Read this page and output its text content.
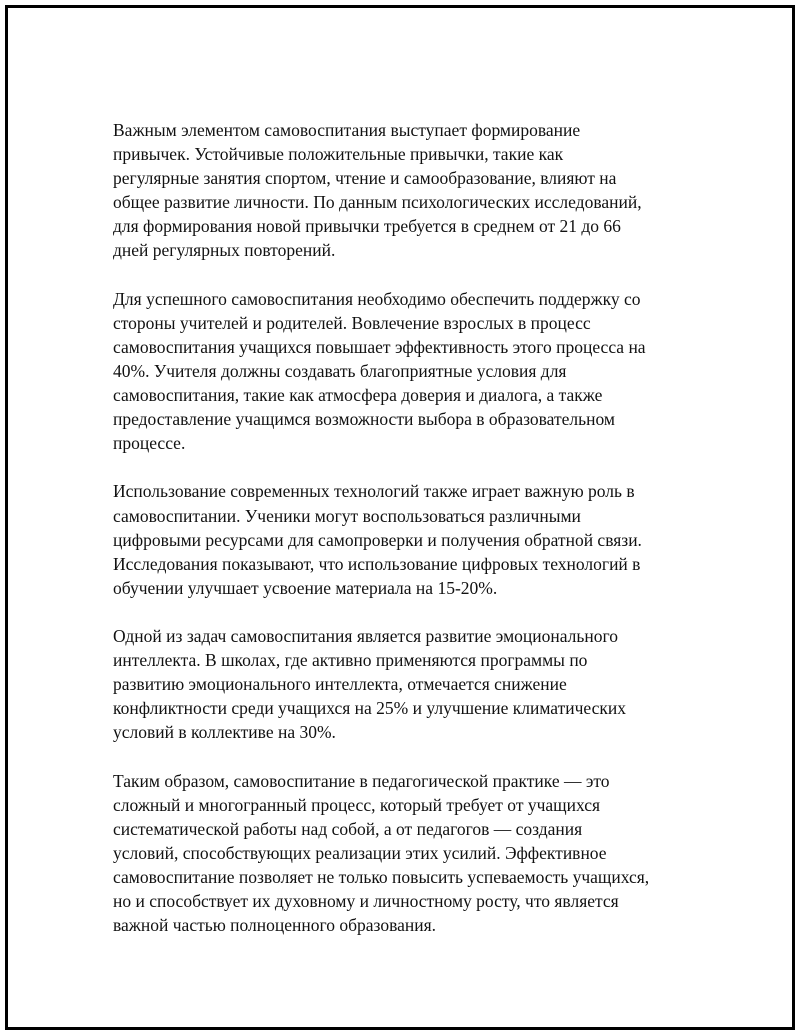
Важным элементом самовоспитания выступает формирование
привычек. Устойчивые положительные привычки, такие как
регулярные занятия спортом, чтение и самообразование, влияют на
общее развитие личности. По данным психологических исследований,
для формирования новой привычки требуется в среднем от 21 до 66
дней регулярных повторений.

Для успешного самовоспитания необходимо обеспечить поддержку со
стороны учителей и родителей. Вовлечение взрослых в процесс
самовоспитания учащихся повышает эффективность этого процесса на
40%. Учителя должны создавать благоприятные условия для
самовоспитания, такие как атмосфера доверия и диалога, а также
предоставление учащимся возможности выбора в образовательном
процессе.

Использование современных технологий также играет важную роль в
самовоспитании. Ученики могут воспользоваться различными
цифровыми ресурсами для самопроверки и получения обратной связи.
Исследования показывают, что использование цифровых технологий в
обучении улучшает усвоение материала на 15-20%.

Одной из задач самовоспитания является развитие эмоционального
интеллекта. В школах, где активно применяются программы по
развитию эмоционального интеллекта, отмечается снижение
конфликтности среди учащихся на 25% и улучшение климатических
условий в коллективе на 30%.

Таким образом, самовоспитание в педагогической практике — это
сложный и многогранный процесс, который требует от учащихся
систематической работы над собой, а от педагогов — создания
условий, способствующих реализации этих усилий. Эффективное
самовоспитание позволяет не только повысить успеваемость учащихся,
но и способствует их духовному и личностному росту, что является
важной частью полноценного образования.
